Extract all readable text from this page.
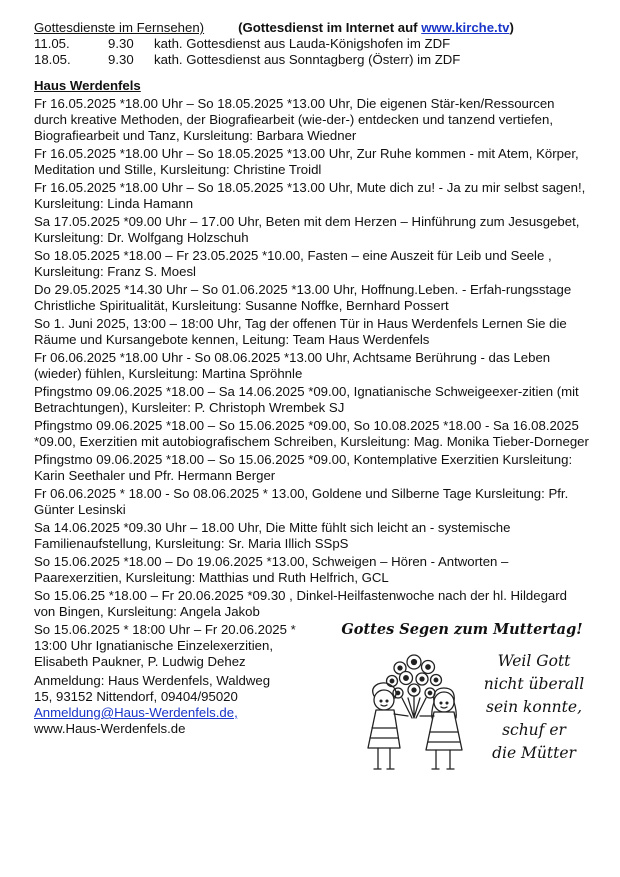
Gottesdienste im Fernsehen)	(Gottesdienst im Internet auf www.kirche.tv)
11.05.	9.30	kath. Gottesdienst aus Lauda-Königshofen im ZDF
18.05.	9.30	kath. Gottesdienst aus Sonntagberg (Österr) im ZDF
Haus Werdenfels
Fr 16.05.2025 *18.00 Uhr – So 18.05.2025 *13.00 Uhr, Die eigenen Stär-ken/Ressourcen durch kreative Methoden, der Biografiearbeit (wie-der-) entdecken und tanzend vertiefen, Biografiearbeit und Tanz, Kursleitung: Barbara Wiedner
Fr 16.05.2025 *18.00 Uhr – So 18.05.2025 *13.00 Uhr, Zur Ruhe kommen - mit Atem, Körper, Meditation und Stille, Kursleitung: Christine Troidl
Fr 16.05.2025 *18.00 Uhr – So 18.05.2025 *13.00 Uhr, Mute dich zu! - Ja zu mir selbst sagen!, Kursleitung: Linda Hamann
Sa 17.05.2025 *09.00 Uhr – 17.00 Uhr, Beten mit dem Herzen – Hinführung zum Jesusgebet, Kursleitung: Dr. Wolfgang Holzschuh
So 18.05.2025 *18.00 – Fr 23.05.2025 *10.00, Fasten – eine Auszeit für Leib und Seele , Kursleitung: Franz S. Moesl
Do 29.05.2025 *14.30 Uhr – So 01.06.2025 *13.00 Uhr, Hoffnung.Leben. - Erfah-rungsstage Christliche Spiritualität, Kursleitung: Susanne Noffke, Bernhard Possert
So 1. Juni 2025, 13:00 – 18:00 Uhr, Tag der offenen Tür in Haus Werdenfels Lernen Sie die Räume und Kursangebote kennen, Leitung: Team Haus Werdenfels
Fr 06.06.2025 *18.00 Uhr - So 08.06.2025 *13.00 Uhr, Achtsame Berührung - das Leben (wieder) fühlen, Kursleitung: Martina Spröhnle
Pfingstmo 09.06.2025 *18.00 – Sa 14.06.2025 *09.00, Ignatianische Schweigeexer-zitien (mit Betrachtungen), Kursleiter: P. Christoph Wrembek SJ
Pfingstmo 09.06.2025 *18.00 – So 15.06.2025 *09.00, So 10.08.2025 *18.00 - Sa 16.08.2025 *09.00, Exerzitien mit autobiografischem Schreiben, Kursleitung: Mag. Monika Tieber-Dorneger
Pfingstmo 09.06.2025 *18.00 – So 15.06.2025 *09.00, Kontemplative Exerzitien Kursleitung: Karin Seethaler und Pfr. Hermann Berger
Fr 06.06.2025 * 18.00 - So 08.06.2025 * 13.00, Goldene und Silberne Tage Kursleitung: Pfr. Günter Lesinski
Sa 14.06.2025 *09.30 Uhr – 18.00 Uhr, Die Mitte fühlt sich leicht an - systemische Familienaufstellung, Kursleitung: Sr. Maria Illich SSpS
So 15.06.2025 *18.00 – Do 19.06.2025 *13.00, Schweigen – Hören - Antworten – Paarexerzitien, Kursleitung: Matthias und Ruth Helfrich, GCL
So 15.06.25 *18.00 – Fr 20.06.2025 *09.30 , Dinkel-Heilfastenwoche nach der hl. Hildegard von Bingen, Kursleitung: Angela Jakob
So 15.06.2025 * 18:00 Uhr – Fr 20.06.2025 * 13:00 Uhr Ignatianische Einzelexerzitien, Elisabeth Paukner, P. Ludwig Dehez
Anmeldung: Haus Werdenfels, Waldweg
15, 93152 Nittendorf, 09404/95020
Anmeldung@Haus-Werdenfels.de,
www.Haus-Werdenfels.de
Gottes Segen zum Muttertag!
Weil Gott
nicht überall
sein konnte,
schuf er
die Mütter
